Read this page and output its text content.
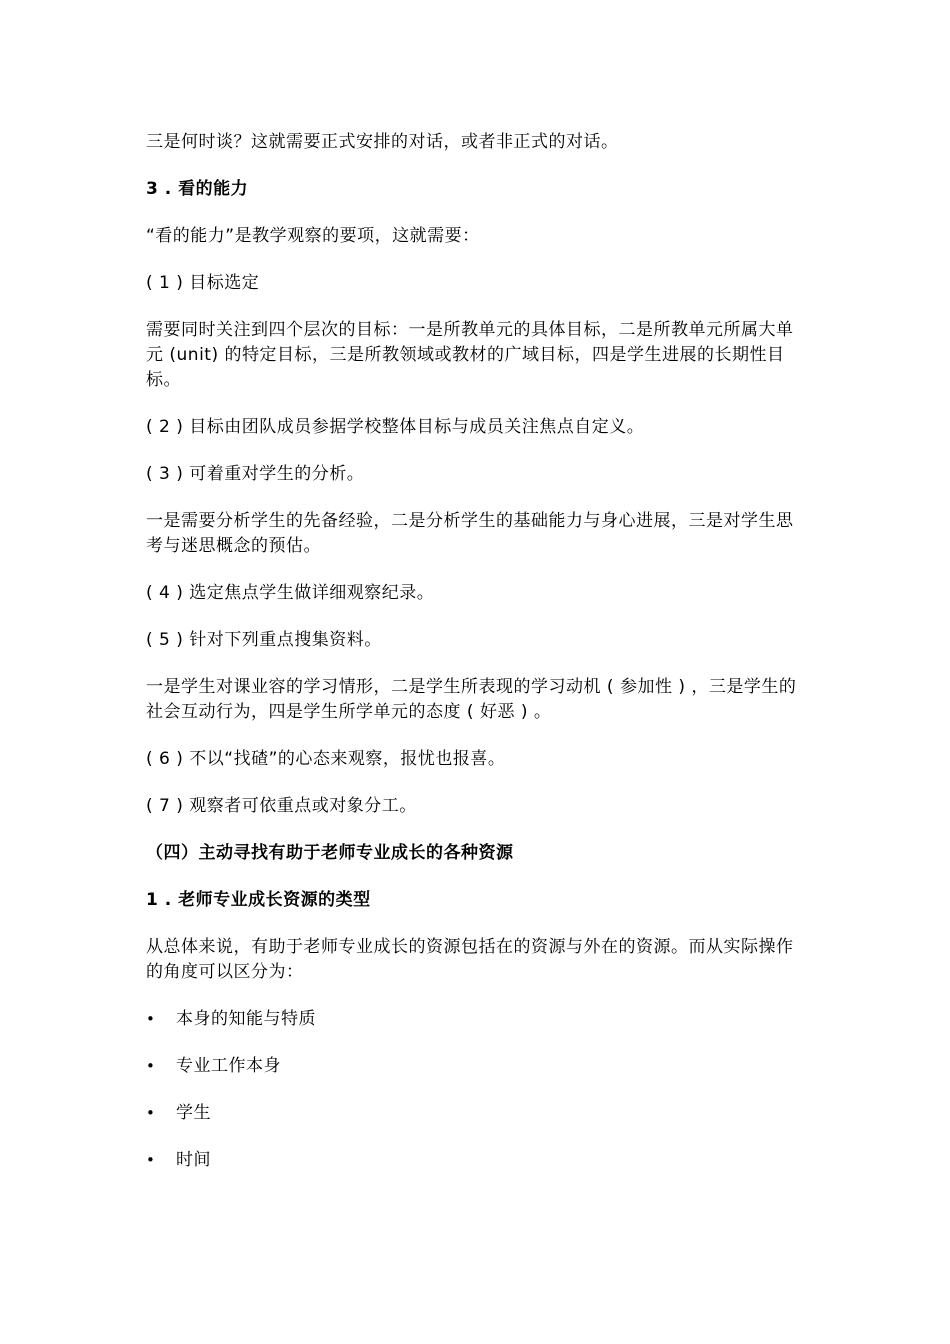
三是何时谈？这就需要正式安排的对话，或者非正式的对话。

3 . 看的能力

“看的能力”是教学观察的要项，这就需要：

( 1 ) 目标选定

需要同时关注到四个层次的目标：一是所教单元的具体目标，二是所教单元所属大单元 (unit) 的特定目标，三是所教领域或教材的广域目标，四是学生进展的长期性目标。

( 2 ) 目标由团队成员参据学校整体目标与成员关注焦点自定义。

( 3 ) 可着重对学生的分析。

一是需要分析学生的先备经验，二是分析学生的基础能力与身心进展，三是对学生思考与迷思概念的预估。

( 4 ) 选定焦点学生做详细观察纪录。

( 5 ) 针对下列重点搜集资料。

一是学生对课业容的学习情形，二是学生所表现的学习动机 ( 参加性 ) ，三是学生的社会互动行为，四是学生所学单元的态度 ( 好恶 ) 。

( 6 ) 不以“找碴”的心态来观察，报忧也报喜。

( 7 ) 观察者可依重点或对象分工。

（四）主动寻找有助于老师专业成长的各种资源

1 . 老师专业成长资源的类型

从总体来说，有助于老师专业成长的资源包括在的资源与外在的资源。而从实际操作的角度可以区分为：

•	本身的知能与特质
•	专业工作本身
•	学生
•	时间
